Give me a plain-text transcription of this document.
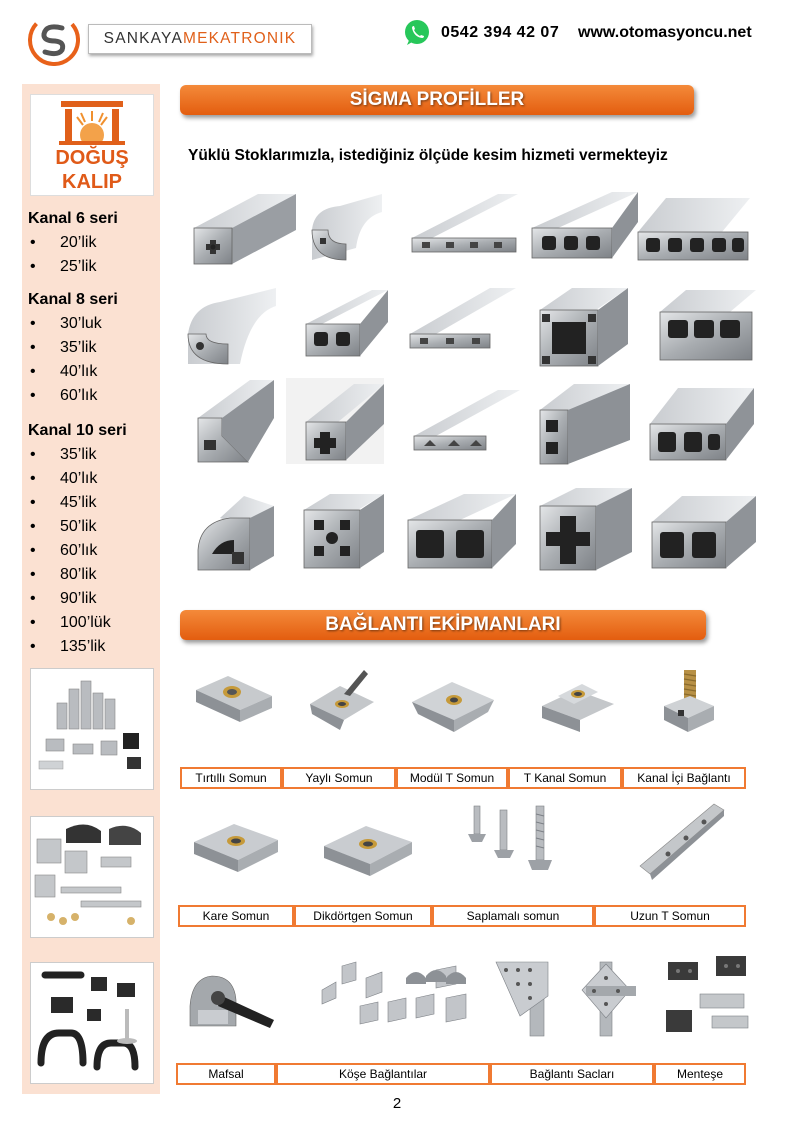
SANKAYA MEKATRONIK	0542 394 42 07 www.otomasyoncu.net
DOĞUŞ
KALIP
Kanal 6 seri
• 20’lik
• 25’lik
Kanal 8 seri
• 30’luk
• 35’lik
• 40’lık
• 60’lık
Kanal 10 seri
• 35’lik
• 40’lık
• 45’lik
• 50’lik
• 60’lık
• 80’lik
• 90’lik
• 100’lük
• 135’lik
SİGMA PROFİLLER
Yüklü Stoklarımızla, istediğiniz ölçüde kesim hizmeti vermekteyiz
BAĞLANTI EKİPMANLARI
Tırtıllı Somun	Yaylı Somun	Modül T Somun	T Kanal Somun	Kanal İçi Bağlantı
Kare Somun	Dikdörtgen Somun	Saplamalı somun	Uzun T Somun
Mafsal	Köşe Bağlantılar	Bağlantı Sacları	Menteşe
2
